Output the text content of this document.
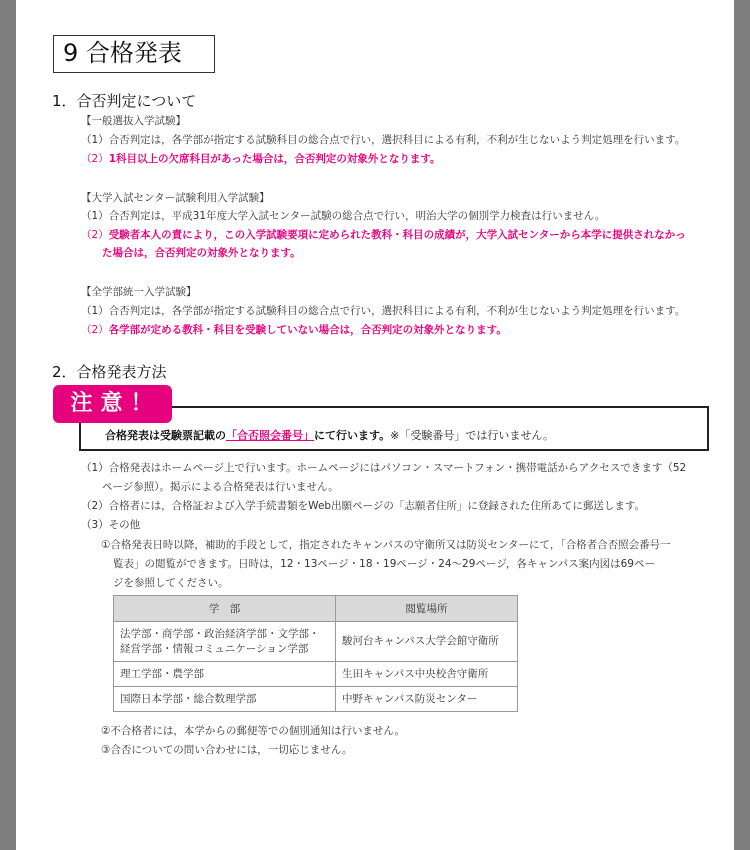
9 合格発表
1．合否判定について
【一般選抜入学試験】
（1）合否判定は，各学部が指定する試験科目の総合点で行い，選択科目による有利，不利が生じないよう判定処理を行います。
（2）1科目以上の欠席科目があった場合は，合否判定の対象外となります。
【大学入試センター試験利用入学試験】
（1）合否判定は，平成31年度大学入試センター試験の総合点で行い，明治大学の個別学力検査は行いません。
（2）受験者本人の責により，この入学試験要項に定められた教科・科目の成績が，大学入試センターから本学に提供されなかっ
た場合は，合否判定の対象外となります。
【全学部統一入学試験】
（1）合否判定は，各学部が指定する試験科目の総合点で行い，選択科目による有利，不利が生じないよう判定処理を行います。
（2）各学部が定める教科・科目を受験していない場合は，合否判定の対象外となります。
2．合格発表方法
合格発表は受験票記載の「合否照会番号」にて行います。※「受験番号」では行いません。
注意！
（1）合格発表はホームページ上で行います。ホームページにはパソコン・スマートフォン・携帯電話からアクセスできます（52
ページ参照）。掲示による合格発表は行いません。
（2）合格者には，合格証および入学手続書類をWeb出願ページの「志願者住所」に登録された住所あてに郵送します。
（3）その他
①合格発表日時以降，補助的手段として，指定されたキャンパスの守衛所又は防災センターにて，「合格者合否照会番号一
覧表」の閲覧ができます。日時は，12・13ページ・18・19ページ・24～29ページ，各キャンパス案内図は69ペー
ジを参照してください。
学　部	閲覧場所

法学部・商学部・政治経済学部・文学部・
経営学部・情報コミュニケーション学部	駿河台キャンパス大学会館守衛所
理工学部・農学部	生田キャンパス中央校舎守衛所
国際日本学部・総合数理学部	中野キャンパス防災センター
②不合格者には，本学からの郵便等での個別通知は行いません。
③合否についての問い合わせには，一切応じません。
